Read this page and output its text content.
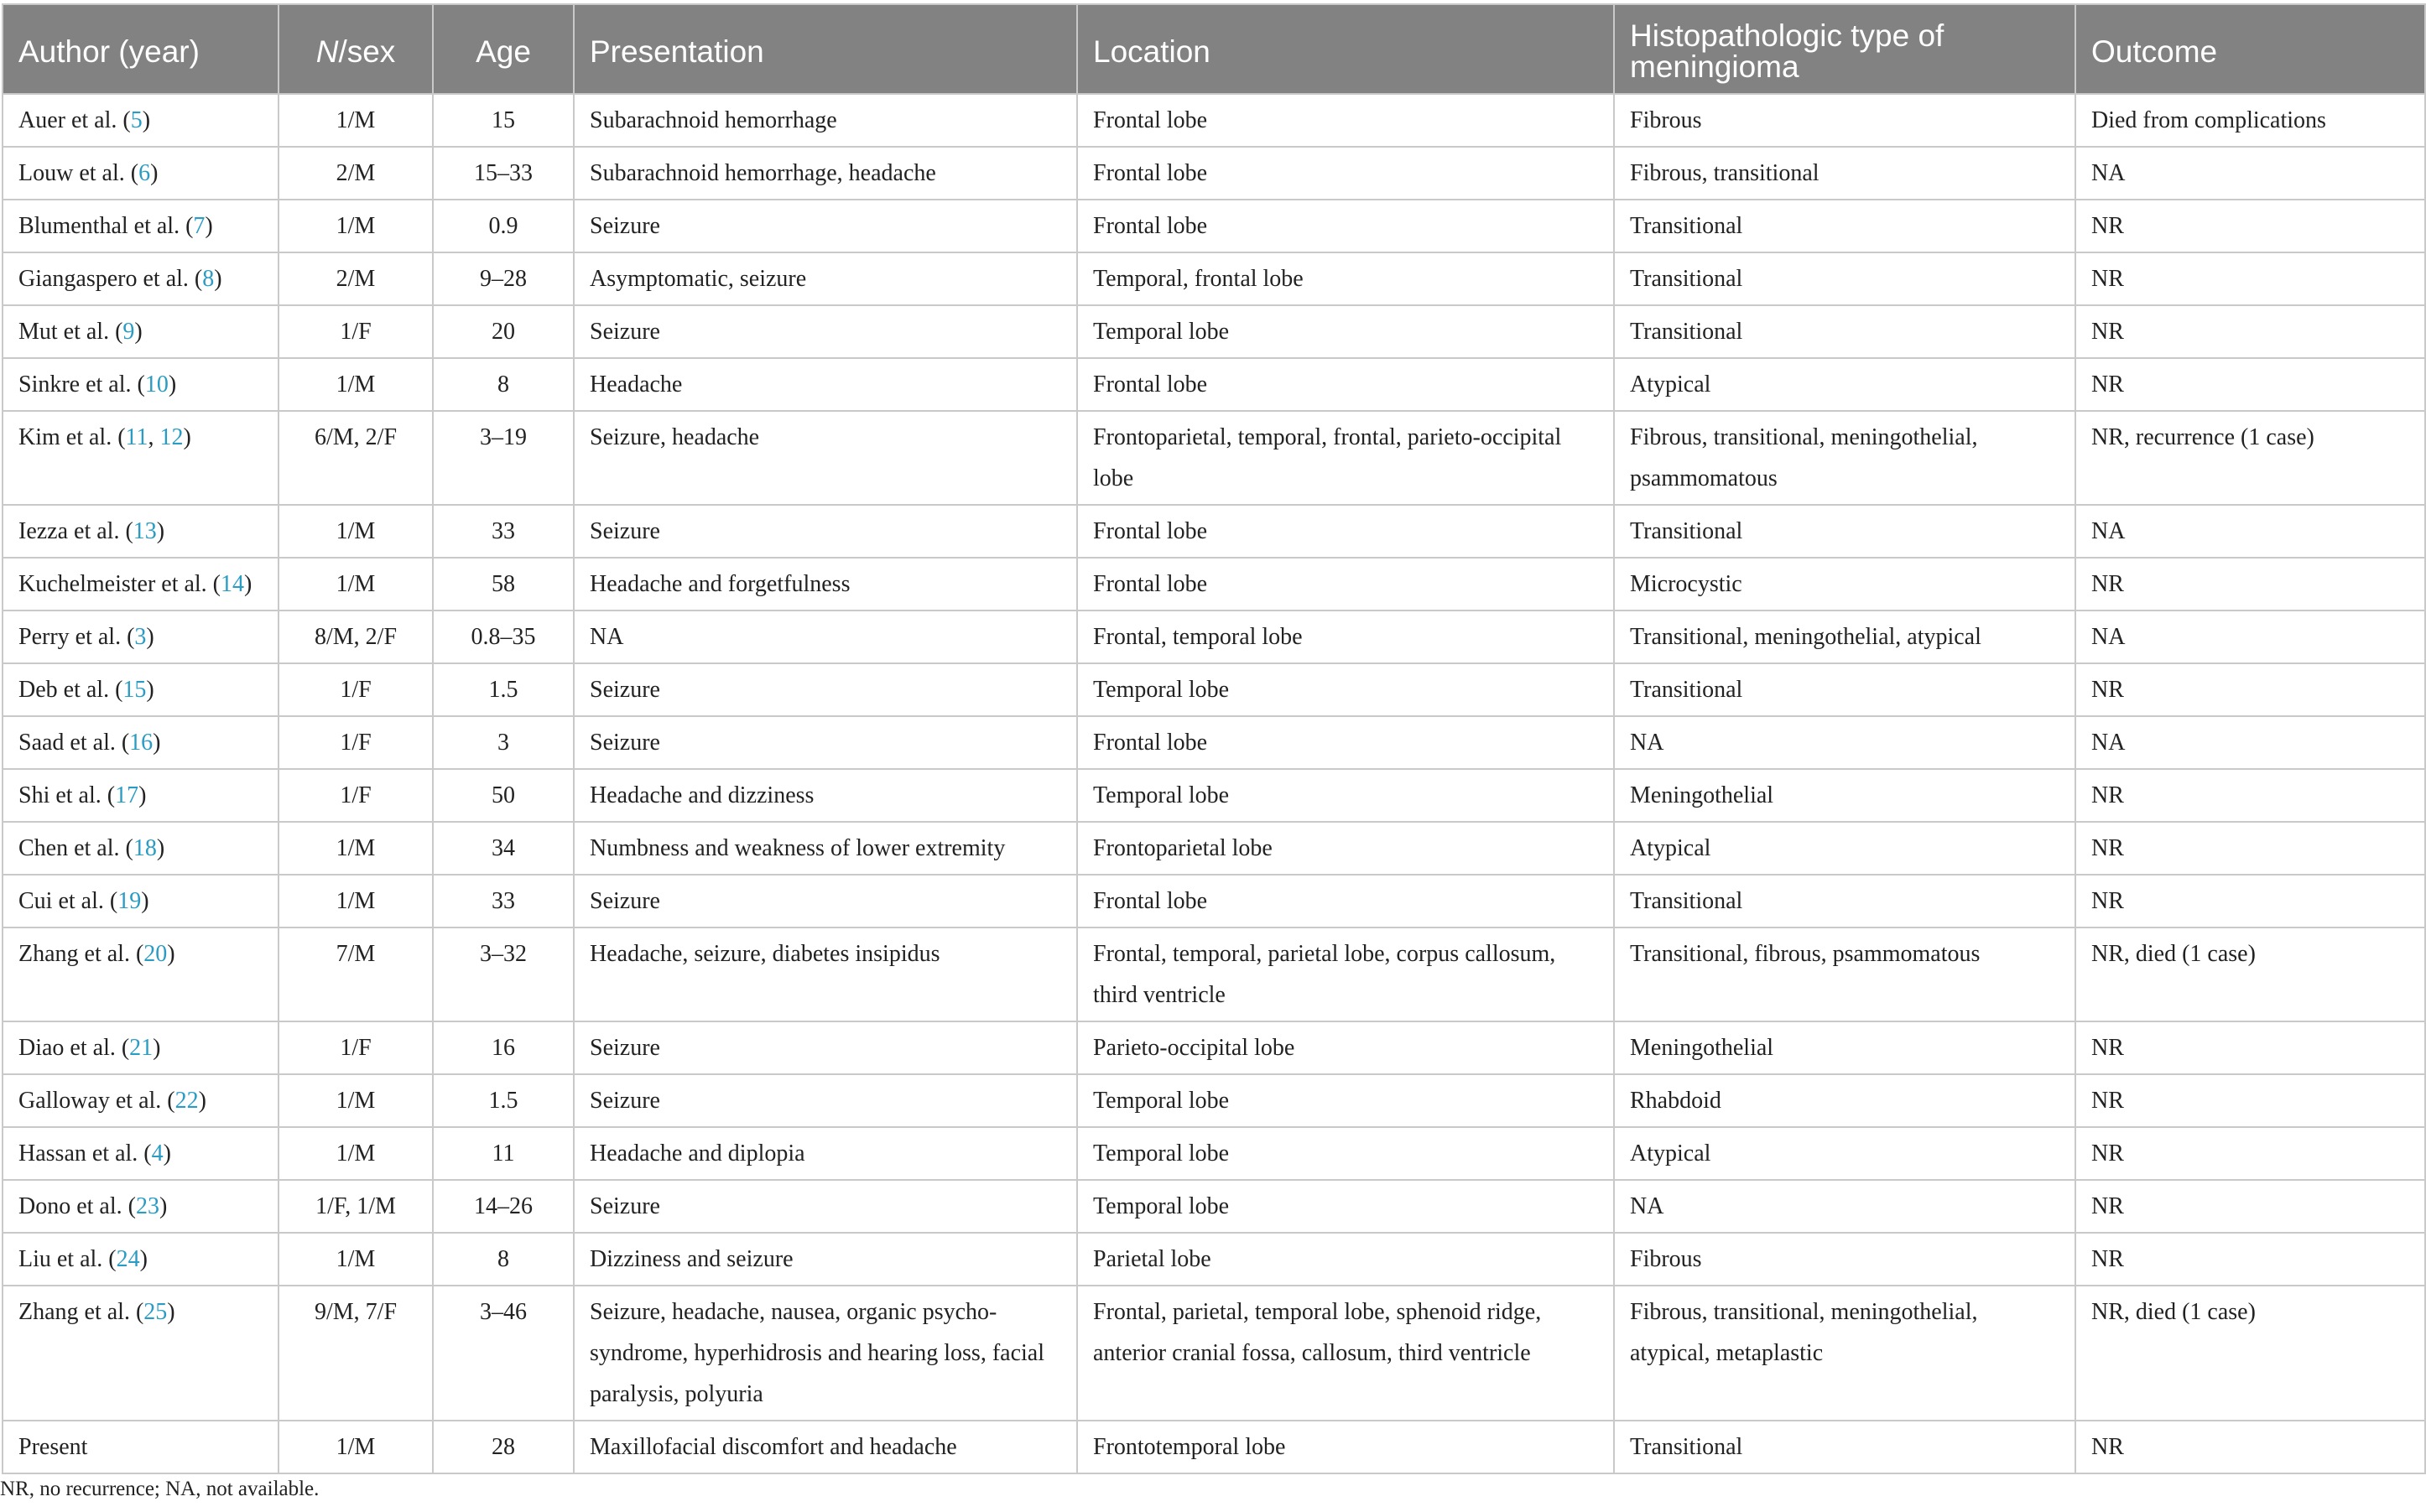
Author (year)	N/sex	Age	Presentation	Location	Histopathologic type of meningioma	Outcome
Auer et al. (5)	1/M	15	Subarachnoid hemorrhage	Frontal lobe	Fibrous	Died from complications
Louw et al. (6)	2/M	15–33	Subarachnoid hemorrhage, headache	Frontal lobe	Fibrous, transitional	NA
Blumenthal et al. (7)	1/M	0.9	Seizure	Frontal lobe	Transitional	NR
Giangaspero et al. (8)	2/M	9–28	Asymptomatic, seizure	Temporal, frontal lobe	Transitional	NR
Mut et al. (9)	1/F	20	Seizure	Temporal lobe	Transitional	NR
Sinkre et al. (10)	1/M	8	Headache	Frontal lobe	Atypical	NR
Kim et al. (11, 12)	6/M, 2/F	3–19	Seizure, headache	Frontoparietal, temporal, frontal, parieto-occipital lobe	Fibrous, transitional, meningothelial, psammomatous	NR, recurrence (1 case)
Iezza et al. (13)	1/M	33	Seizure	Frontal lobe	Transitional	NA
Kuchelmeister et al. (14)	1/M	58	Headache and forgetfulness	Frontal lobe	Microcystic	NR
Perry et al. (3)	8/M, 2/F	0.8–35	NA	Frontal, temporal lobe	Transitional, meningothelial, atypical	NA
Deb et al. (15)	1/F	1.5	Seizure	Temporal lobe	Transitional	NR
Saad et al. (16)	1/F	3	Seizure	Frontal lobe	NA	NA
Shi et al. (17)	1/F	50	Headache and dizziness	Temporal lobe	Meningothelial	NR
Chen et al. (18)	1/M	34	Numbness and weakness of lower extremity	Frontoparietal lobe	Atypical	NR
Cui et al. (19)	1/M	33	Seizure	Frontal lobe	Transitional	NR
Zhang et al. (20)	7/M	3–32	Headache, seizure, diabetes insipidus	Frontal, temporal, parietal lobe, corpus callosum, third ventricle	Transitional, fibrous, psammomatous	NR, died (1 case)
Diao et al. (21)	1/F	16	Seizure	Parieto-occipital lobe	Meningothelial	NR
Galloway et al. (22)	1/M	1.5	Seizure	Temporal lobe	Rhabdoid	NR
Hassan et al. (4)	1/M	11	Headache and diplopia	Temporal lobe	Atypical	NR
Dono et al. (23)	1/F, 1/M	14–26	Seizure	Temporal lobe	NA	NR
Liu et al. (24)	1/M	8	Dizziness and seizure	Parietal lobe	Fibrous	NR
Zhang et al. (25)	9/M, 7/F	3–46	Seizure, headache, nausea, organic psycho-syndrome, hyperhidrosis and hearing loss, facial paralysis, polyuria	Frontal, parietal, temporal lobe, sphenoid ridge, anterior cranial fossa, callosum, third ventricle	Fibrous, transitional, meningothelial, atypical, metaplastic	NR, died (1 case)
Present	1/M	28	Maxillofacial discomfort and headache	Frontotemporal lobe	Transitional	NR
NR, no recurrence; NA, not available.
